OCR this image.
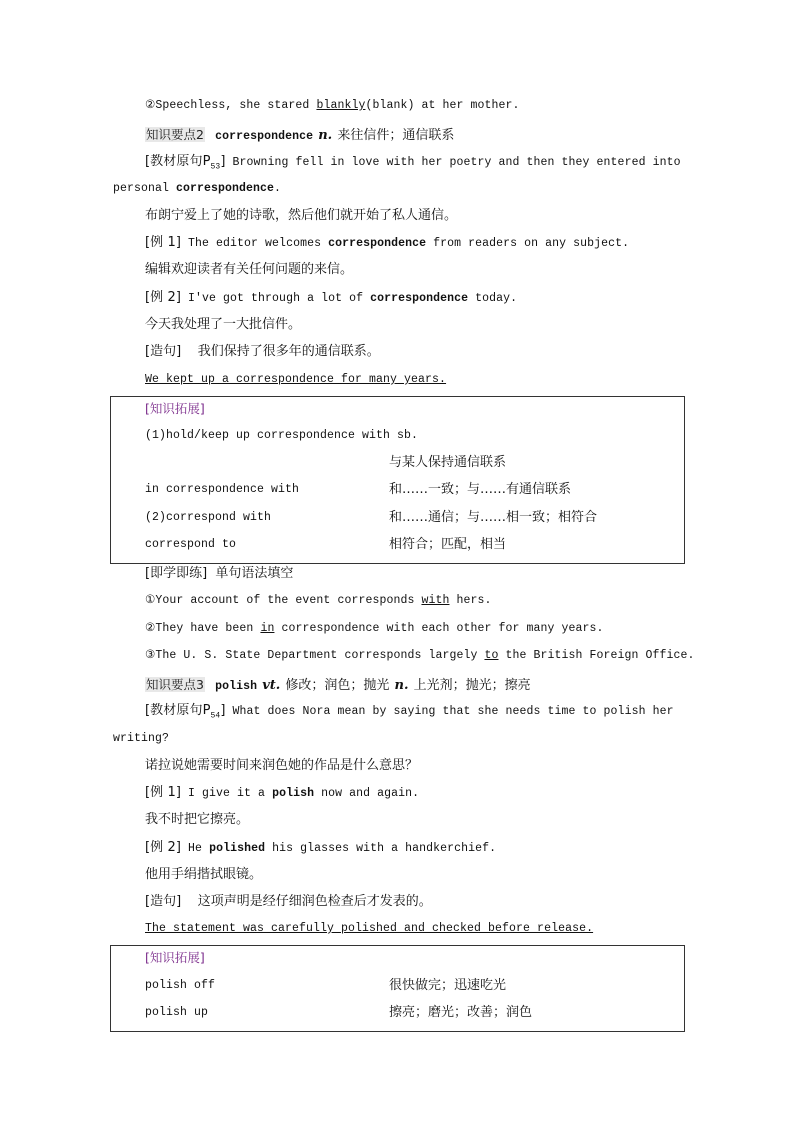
②Speechless, she stared blankly(blank) at her mother.
知识要点2 correspondence n. 来往信件；通信联系
[教材原句$P_{53}$] Browning fell in love with her poetry and then they entered into
personal correspondence.
布朗宁爱上了她的诗歌，然后他们就开始了私人通信。
[例 1] The editor welcomes correspondence from readers on any subject.
编辑欢迎读者有关任何问题的来信。
[例 2] I've got through a lot of correspondence today.
今天我处理了一大批信件。
[造句] 我们保持了很多年的通信联系。
We kept up a correspondence for many years.
[知识拓展]
(1)hold/keep up correspondence with sb.
与某人保持通信联系
in correspondence with	和……一致；与……有通信联系
(2)correspond with	和……通信；与……相一致；相符合
correspond to	相符合；匹配，相当
[即学即练] 单句语法填空
①Your account of the event corresponds with hers.
②They have been in correspondence with each other for many years.
③The U. S. State Department corresponds largely to the British Foreign Office.
知识要点3 polish vt. 修改；润色；抛光 n. 上光剂；抛光；擦亮
[教材原句$P_{54}$] What does Nora mean by saying that she needs time to polish her
writing?
诺拉说她需要时间来润色她的作品是什么意思？
[例 1] I give it a polish now and again.
我不时把它擦亮。
[例 2] He polished his glasses with a handkerchief.
他用手绢揩拭眼镜。
[造句] 这项声明是经仔细润色检查后才发表的。
The statement was carefully polished and checked before release.
[知识拓展]
polish off	很快做完；迅速吃光
polish up	擦亮；磨光；改善；润色
